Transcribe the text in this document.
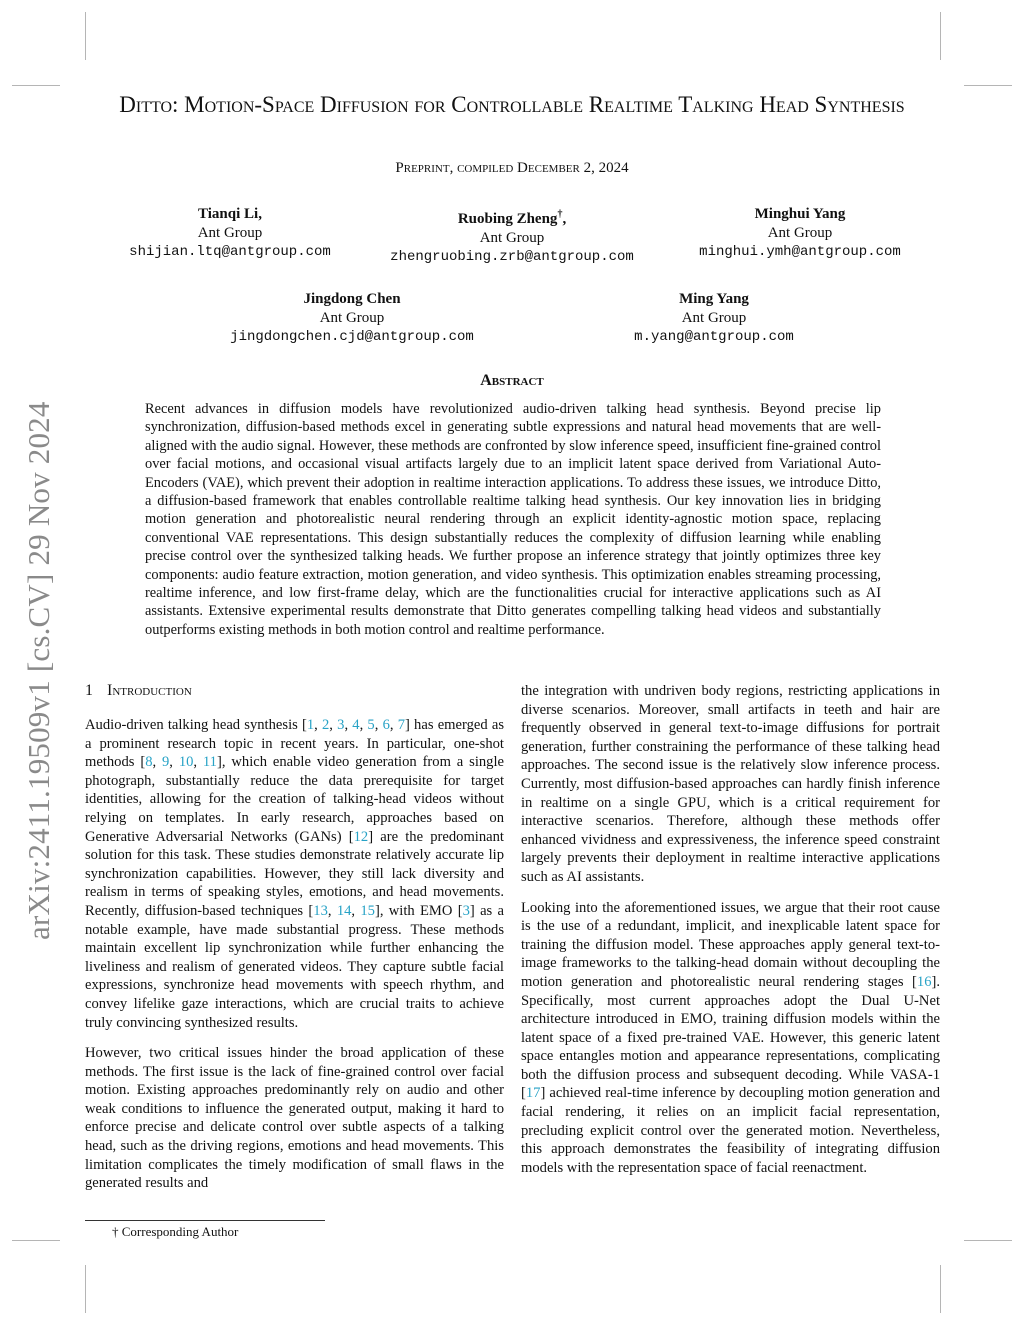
arXiv:2411.19509v1 [cs.CV] 29 Nov 2024
Ditto: Motion-Space Diffusion for Controllable Realtime Talking Head Synthesis
Preprint, compiled December 2, 2024
Tianqi Li,
Ant Group
shijian.ltq@antgroup.com
Ruobing Zheng†,
Ant Group
zhengruobing.zrb@antgroup.com
Minghui Yang
Ant Group
minghui.ymh@antgroup.com
Jingdong Chen
Ant Group
jingdongchen.cjd@antgroup.com
Ming Yang
Ant Group
m.yang@antgroup.com
Abstract
Recent advances in diffusion models have revolutionized audio-driven talking head synthesis. Beyond precise lip synchronization, diffusion-based methods excel in generating subtle expressions and natural head movements that are well-aligned with the audio signal. However, these methods are confronted by slow inference speed, insufficient fine-grained control over facial motions, and occasional visual artifacts largely due to an implicit latent space derived from Variational Auto-Encoders (VAE), which prevent their adoption in realtime interaction applications. To address these issues, we introduce Ditto, a diffusion-based framework that enables controllable realtime talking head synthesis. Our key innovation lies in bridging motion generation and photorealistic neural rendering through an explicit identity-agnostic motion space, replacing conventional VAE representations. This design substantially reduces the complexity of diffusion learning while enabling precise control over the synthesized talking heads. We further propose an inference strategy that jointly optimizes three key components: audio feature extraction, motion generation, and video synthesis. This optimization enables streaming processing, realtime inference, and low first-frame delay, which are the functionalities crucial for interactive applications such as AI assistants. Extensive experimental results demonstrate that Ditto generates compelling talking head videos and substantially outperforms existing methods in both motion control and realtime performance.
1 Introduction

Audio-driven talking head synthesis [1, 2, 3, 4, 5, 6, 7] has emerged as a prominent research topic in recent years. In particular, one-shot methods [8, 9, 10, 11], which enable video generation from a single photograph, substantially reduce the data prerequisite for target identities, allowing for the creation of talking-head videos without relying on templates. In early research, approaches based on Generative Adversarial Networks (GANs) [12] are the predominant solution for this task. These studies demonstrate relatively accurate lip synchronization capabilities. However, they still lack diversity and realism in terms of speaking styles, emotions, and head movements. Recently, diffusion-based techniques [13, 14, 15], with EMO [3] as a notable example, have made substantial progress. These methods maintain excellent lip synchronization while further enhancing the liveliness and realism of generated videos. They capture subtle facial expressions, synchronize head movements with speech rhythm, and convey lifelike gaze interactions, which are crucial traits to achieve truly convincing synthesized results.

However, two critical issues hinder the broad application of these methods. The first issue is the lack of fine-grained control over facial motion. Existing approaches predominantly rely on audio and other weak conditions to influence the generated output, making it hard to enforce precise and delicate control over subtle aspects of a talking head, such as the driving regions, emotions and head movements. This limitation complicates the timely modification of small flaws in the generated results and

the integration with undriven body regions, restricting applications in diverse scenarios. Moreover, small artifacts in teeth and hair are frequently observed in general text-to-image diffusions for portrait generation, further constraining the performance of these talking head approaches. The second issue is the relatively slow inference process. Currently, most diffusion-based approaches can hardly finish inference in realtime on a single GPU, which is a critical requirement for interactive scenarios. Therefore, although these methods offer enhanced vividness and expressiveness, the inference speed constraint largely prevents their deployment in realtime interactive applications such as AI assistants.

Looking into the aforementioned issues, we argue that their root cause is the use of a redundant, implicit, and inexplicable latent space for training the diffusion model. These approaches apply general text-to-image frameworks to the talking-head domain without decoupling the motion generation and photorealistic neural rendering stages [16]. Specifically, most current approaches adopt the Dual U-Net architecture introduced in EMO, training diffusion models within the latent space of a fixed pre-trained VAE. However, this generic latent space entangles motion and appearance representations, complicating both the diffusion process and subsequent decoding. While VASA-1 [17] achieved real-time inference by decoupling motion generation and facial rendering, it relies on an implicit facial representation, precluding explicit control over the generated motion. Nevertheless, this approach demonstrates the feasibility of integrating diffusion models with the representation space of facial reenactment.

† Corresponding Author
